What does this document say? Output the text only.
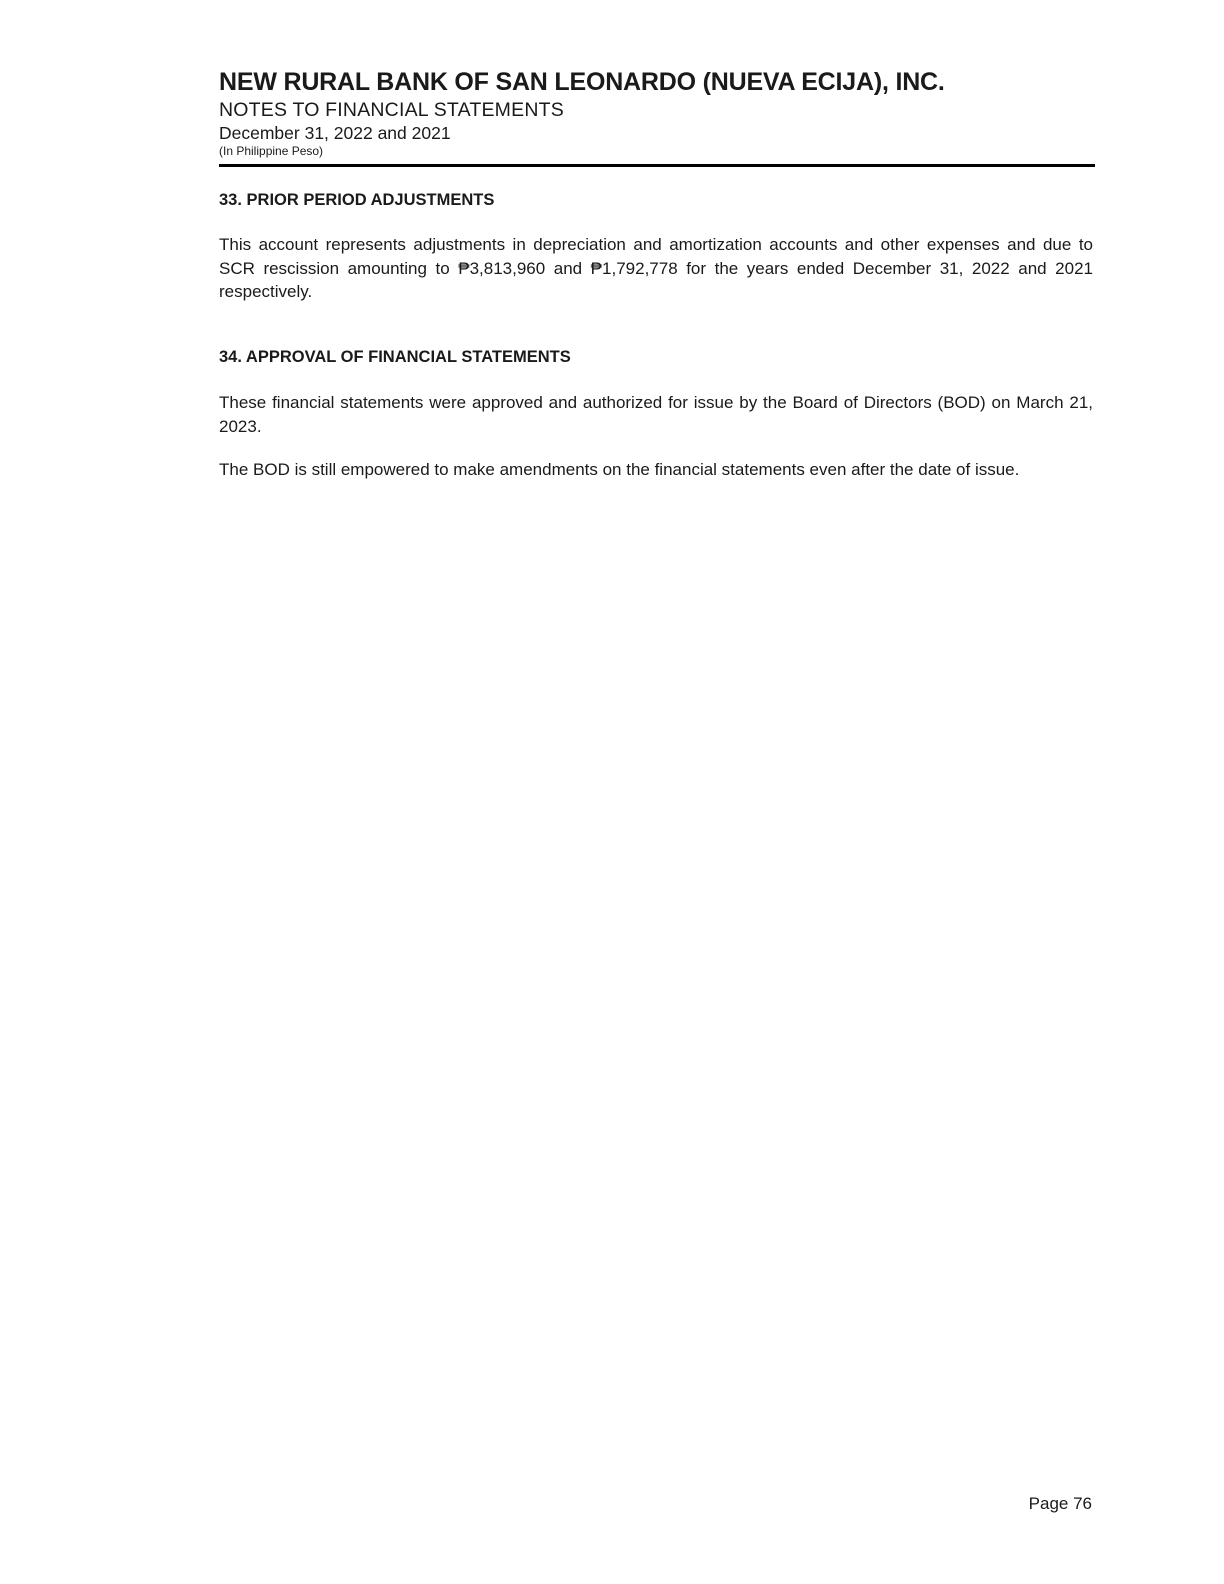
NEW RURAL BANK OF SAN LEONARDO (NUEVA ECIJA), INC.

NOTES TO FINANCIAL STATEMENTS

December 31, 2022 and 2021

(In Philippine Peso)

33. PRIOR PERIOD ADJUSTMENTS

This account represents adjustments in depreciation and amortization accounts and other expenses and due to SCR rescission amounting to ₱3,813,960 and ₱1,792,778 for the years ended December 31, 2022 and 2021 respectively.

34. APPROVAL OF FINANCIAL STATEMENTS

These financial statements were approved and authorized for issue by the Board of Directors (BOD) on March 21, 2023.

The BOD is still empowered to make amendments on the financial statements even after the date of issue.

Page 76
